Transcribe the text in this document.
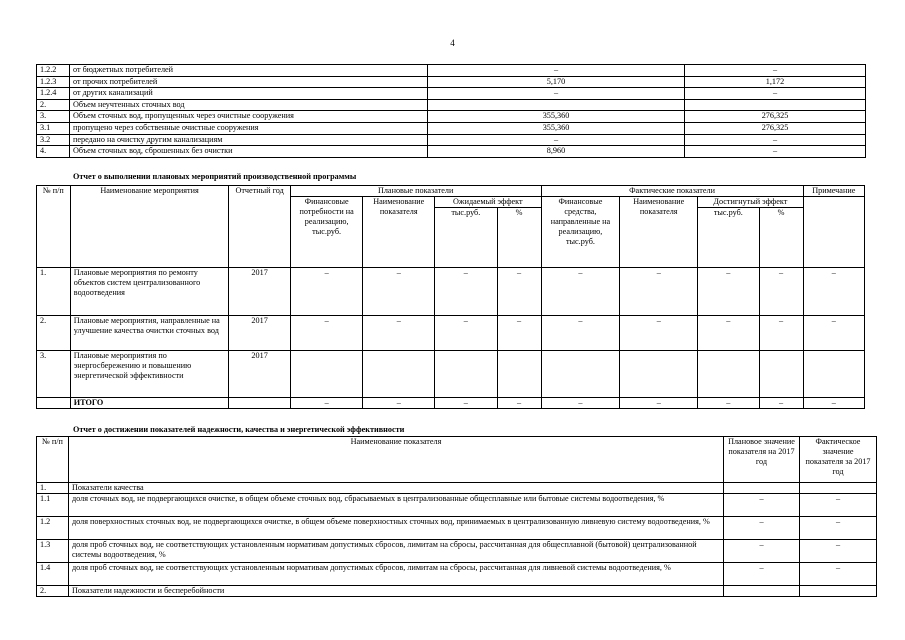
4
1.2.2	от бюджетных потребителей	–	–
1.2.3	от прочих потребителей	5,170	1,172
1.2.4	от других канализаций	–	–
2.	Объем неучтенных сточных вод		
3.	Объем сточных вод, пропущенных через очистные сооружения	355,360	276,325
3.1	пропущено через собственные очистные сооружения	355,360	276,325
3.2	передано на очистку другим канализациям	–	–
4.	Объем сточных вод, сброшенных без очистки	8,960	–
Отчет о выполнении плановых мероприятий производственной программы
№ п/п	Наименование мероприятия	Отчетный год	Плановые показатели				Фактические показатели				Примечание
			Финансовые потребности на реализацию, тыс.руб.	Наименование показателя	Ожидаемый эффект		Финансовые средства, направленные на реализацию, тыс.руб.	Наименование показателя	Достигнутый эффект		
					тыс.руб.	%			тыс.руб.	%	
1.	Плановые мероприятия по ремонту объектов систем централизованного водоотведения	2017	–	–	–	–	–	–	–	–	–
2.	Плановые мероприятия, направленные на улучшение качества очистки сточных вод	2017	–	–	–	–	–	–	–	–	–
3.	Плановые мероприятия по энергосбережению и повышению энергетической эффективности	2017									
	ИТОГО		–	–	–	–	–	–	–	–	–
Отчет о достижении показателей надежности, качества и энергетической эффективности
№ п/п	Наименование показателя	Плановое значение показателя на 2017 год	Фактическое значение показателя за 2017 год
1.	Показатели качества		
1.1	доля сточных вод, не подвергающихся очистке, в общем объеме сточных вод, сбрасываемых в централизованные общесплавные или бытовые системы водоотведения, %	–	–
1.2	доля поверхностных сточных вод, не подвергающихся очистке, в общем объеме поверхностных сточных вод, принимаемых в централизованную ливневую систему водоотведения, %	–	–
1.3	доля проб сточных вод, не соответствующих установленным нормативам допустимых сбросов, лимитам на сбросы, рассчитанная для общесплавной (бытовой) централизованной системы водоотведения, %	–	–
1.4	доля проб сточных вод, не соответствующих установленным нормативам допустимых сбросов, лимитам на сбросы, рассчитанная для ливневой системы водоотведения, %	–	–
2.	Показатели надежности и бесперебойности		
